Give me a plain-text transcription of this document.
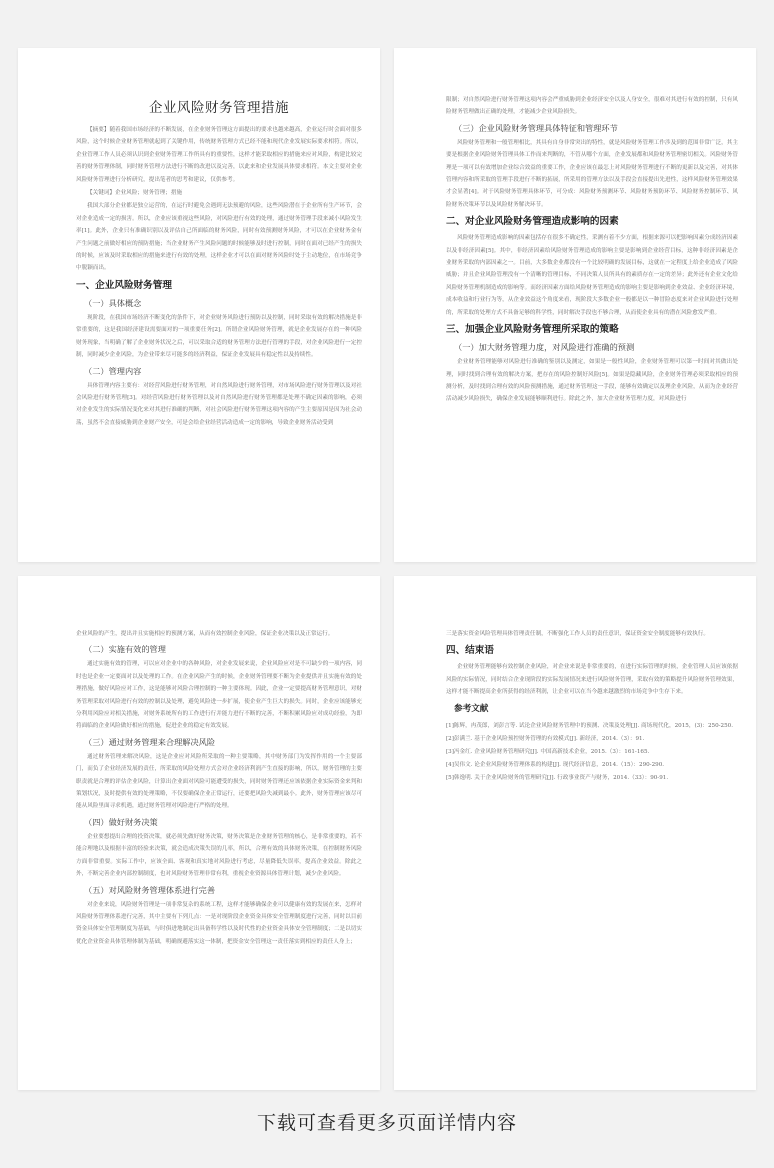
企业风险财务管理措施

【摘要】随着我国市场经济的不断发展，在企业财务管理这方面提出的要求也越来越高，企业运行时会面对很多风险，这个时候企业财务管理就起到了关键作用，传统财务管理方式已经不能和现代企业发展实际要求相符。所以，企业管理工作人员必须认识到企业财务管理工作所具有的重要性，这样才能采取相应的措施来应对风险，构建比较完善的财务管理体制，同时财务管理方法进行不断的改进以及完善，以此来和企业发展具体要求相符。本文主要对企业风险财务管理进行分析研究，提出笔者的思考和建议，仅供参考。

【关键词】企业风险；财务管理；措施

我国大部分企业都是独立运营的，在运行时避免会遇到无法预避的风险，这些风险潜在于企业所有生产环节，会对企业造成一定的损害。所以，企业应该重视这些风险，对风险进行有效的处理，通过财务管理手段来减小风险发生率[1]。此外，企业只有准确识别以及评估自己所面临的财务风险，同时有效预测财务风险，才可以在企业财务金有产生问题之前做好相应的预防措施；当企业财务产生风险问题的时候能够及时进行控制，同时在面对已经产生的损失的时候，应该及时采取相应的措施来进行有效的处理，这样企业才可以在面对财务风险时处于主动地位，在市场竞争中脱颖而出。

一、企业风险财务管理
（一）具体概念

现阶段，在我国市场经济不断变化的条件下，对企业财务风险进行预防以及控制，同时采取有效的解决措施是非常重要的，这是我国经济建设需要面对的一项重要任务[2]。所谓企业风险财务管理，就是企业发展存在的一种风险财务现象，当明确了解了企业财务状况之后，可以采取合适的财务管理方法进行管理的手段，对企业风险进行一定控制，同时减少企业风险，为企业带来尽可能多的经济利益，保证企业发展具有稳定性以及持续性。

（二）管理内容

具体管理内容主要有：对经营风险进行财务管理，对自然风险进行财务管理，对市场风险进行财务管理以及对社会风险进行财务管理[3]。对经营风险进行财务管理以及对自然风险进行财务管理都是处理不确定因素的影响，必须对企业发生的实际情况变化来对其进行准确的判断，对社会风险进行财务管理这项内容的产生主要原因是因为社会动荡，虽然不会直接威胁到企业财产安全，可是会给企业经营活动造成一定的影响，导致企业财务活动受到

限制；对自然风险进行财务管理这项内容会严重威胁到企业经济安全以及人身安全，很难对其进行有效的控制，只有风险财务管理做出正确的处理，才能减少企业风险损失。

（三）企业风险财务管理具体特征和管理环节

风险财务管理和一般管理相比，其具有自身非常突出的特性，就是风险财务管理工作涉及到的范围非常广泛，其主要是根据企业风险财务管理具体工作而来判断的，不管从哪个方面，企业发展都和风险财务管理密切相关。风险财务管理是一项可以有效增加企业综合效益的重要工作，企业应该在最怎上对风险财务管理进行不断的更新以及完善，对其体管理内容和所采取的管理手段进行不断的拓展，所采用的管理方法以及手段会直接提出先进性，这样风险财务管理效果才会显著[4]。对于风险财务管理具体环节，可分成：风险财务预测环节、风险财务预防环节、风险财务控制环节、风险财务决策环节以及风险财务解决环节。

二、对企业风险财务管理造成影响的因素

风险财务管理造成影响的因素包括存在很多不确定性，采测有着不少方面，根据来源可以把影响因素分成经济因素以及非经济因素[5]。其中，非经济因素给风险财务管理造成的影响主要是影响到企业经营目标，这种非经济因素是企业财务采取的内部因素之一。目前，大多数企业都没有一个比较明确的发展目标，这就在一定程度上给企业造成了风险威胁；并且企业风险管理没有一个清晰的管理目标，不同决策人员所具有的素质存在一定的差异；此外还有企业文化给风险财务管理机制造成的影响等。而经济因素方面给风险财务管理造成的影响主要是影响到企业效益、企业经济环境，成本收益和行业行为等，从企业效益这个角度来看，现阶段大多数企业一般都是以一种冒险态度来对企业风险进行处理的，所采取的处理方式不具备足够的科学性，同时解决手段也不够合理，从而使企业具有的潜在风险愈发严重。

三、加强企业风险财务管理所采取的策略
（一）加大财务管理力度，对风险进行准确的预测

企业财务管理能够对风险进行准确的鉴别以及测定，如果是一般性风险，企业财务管理可以第一时间对其做出处理，同时找到合理有效的解决方案，把存在的风险控制好风险[5]。如果是隐藏风险，企业财务管理必须采取相应的预测分析，及时找到合理有效的风险预测措施，通过财务管理这一手段，能够有效确定以及理企业风险，从而为企业经营活动减少风险损失，确保企业发展能够顺利进行。除此之外，加大企业财务管理力度，对风险进行

企业风险的产生，提出并且实施相应的预测方案，从而有效控制企业风险，保证企业决策以及正常运行。

（二）实施有效的管理

通过实施有效的管理，可以应对企业中的各种风险，对企业发展来说，企业风险应对是不可缺少的一项内容，同时也是企业一定要面对以及处理的工作。在企业风险产生的时候，企业财务管理要不断为企业提供并且实施有效的处理措施，做好风险应对工作，这是能够对风险合理控制的一种主要体现。因此，企业一定要提高财务管理意识，对财务管理采取对风险进行有效的控制以及处理，避免风险进一步扩展，使企业产生巨大的损失。同时，企业应该能够充分利用风险应对相关措施，对财务系统所有的工作进行行并能力进行不断的完善，不断积累风险应对成功经验，为即将面临的企业风险做好相应的措施，促进企业的稳定有效发展。

（三）通过财务管理来合理解决风险

通过财务管理来解决风险，这是企业应对风险所采取的一种主要策略，其中财务部门为发挥作用的一个主要部门，而负了企业经济发展的责任，所采取的风险处理方式会对企业经济利润产生直接的影响，所以，财务管理的主要职责就是合理的评估企业风险，计算出企业面对风险可能遭受的损失，同时财务管理还应该依据企业实际资金来判和策划状况，及时提供有效的处理策略，不仅要确保企业正常运行，还要把风险失减到最小。此外，财务管理应该尽可能从风险里面寻求机遇，通过财务管理对风险进行严格的处理。

（四）做好财务决策

企业要想提出合理的投资决策，就必须先做好财务决策，财务决策是企业财务管理的核心，是非常重要的，若不能合理地以及根据丰富的经验来决策，就会造成决策失误的几率，所以，合理有效的具体财务决策，在控制财务风险方面非常重要。实际工作中，应该全面、客观和真实地对风险进行考虑，尽量降低失误率，提高企业效益。除此之外，不断完善企业内部控制制度，也对风险财务管理非常有利，重视企业资源具体管理计划，减少企业风险。

（五）对风险财务管理体系进行完善

对企业来说，风险财务管理是一项非常复杂的系统工程，这样才能够确保企业可以健康有效的发展在来，怎样对风险财务管理体系进行完善，其中主要有下列几点：一是对现阶段企业资金具体安全管理制度进行完善，同时以目前资金具体安全管理制度为基础，与时俱进地制定出具备科学性以及时代性的企业资金具体安全管理制度；二是以切实优化企业资金具体管理体制为基础，明确规避落实这一体制，把资金安全管理这一责任落实到相应的责任人身上；

三是落实资金风险管理具体管理责任制，不断强化工作人员的责任意识，保证资金安全制度能够有效执行。

四、结束语

企业财务管理能够有效控制企业风险，对企业来说是非常重要的，在进行实际管理的时候，企业管理人员应该依据风险的实际情况，同时结合企业现阶段的实际发展情况来进行风险财务管理，采取有效的策略提升风险财务管理效果，这样才能不断提高企业所获得的经济利润，让企业可以在当今越来越激烈的市场竞争中生存下来。

参考文献
[1]陈辉，冉茂郎，刘彭言等. 试论企业风险财务管理中的预测、决策及处理[J]. 商场现代化，2015，(3)：250-250.
[2]彭满兰. 基于企业风险预控财务管理的有效模式[J]. 新经济，2014.（3）：91.
[3]冯金红. 企业风险财务管理研究[J]. 中国高新技术企业，2015.（3）：161-165.
[4]吴伟文. 论企业风险财务管理体系的构建[J]. 现代经济信息，2014.（15）：290-290.
[5]韩逸明. 关于企业风险财务的管理研究[J]. 行政事业资产与财务，2014.（33）：90-91.
下载可查看更多页面详情内容
